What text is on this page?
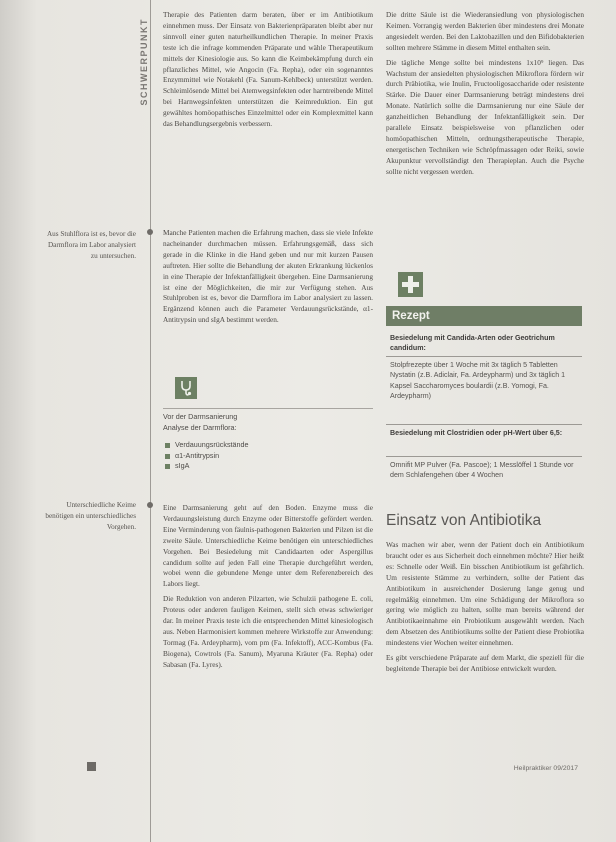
SCHWERPUNKT
Aus Stuhlflora ist es, bevor die Darmflora im Labor analysiert zu untersuchen.
Unterschiedliche Keime benötigen ein unterschiedliches Vorgehen.

Therapie des Patienten darm beraten, über er im Antibiotikum einnehmen muss. Der Einsatz von Bakterienpräparaten bleibt aber nur sinnvoll einer guten naturheilkundlichen Therapie. In meiner Praxis teste ich die infrage kommenden Präparate und wähle Therapeutikum mittels der Kinesiologie aus. So kann die Keimbekämpfung durch ein pflanzliches Mittel, wie Angocin (Fa. Repha), oder ein sogenanntes Enzymmittel wie Notakehl (Fa. Sanum-Kehlbeck) unterstützt werden. Schleimlösende Mittel bei Atemwegsinfekten oder harntreibende Mittel bei Harnwegsinfekten unterstützen die Keimreduktion. Ein gut gewähltes homöopathisches Einzelmittel oder ein Komplexmittel kann das Behandlungsergebnis verbessern.

Manche Patienten machen die Erfahrung machen, dass sie viele Infekte nacheinander durchmachen müssen. Erfahrungsgemäß, dass sich gerade in die Klinke in die Hand geben und nur mit kurzen Pausen auftreten. Hier sollte die Behandlung der akuten Erkrankung lückenlos in eine Therapie der Infektanfälligkeit übergehen. Eine Darmsanierung ist eine der Möglichkeiten, die mir zur Verfügung stehen. Aus Stuhlproben ist es, bevor die Darmflora im Labor analysiert zu lassen. Ergänzend können auch die Parameter Verdauungsrückstände, α1-Antitrypsin und sIgA bestimmt werden.

Vor der Darmsanierung
Analyse der Darmflora:
Verdauungsrückstände
α1-Antitrypsin
sIgA

Eine Darmsanierung geht auf den Boden. Enzyme muss die Verdauungsleistung durch Enzyme oder Bitterstoffe gefördert werden. Eine Verminderung von fäulnis-pathogenen Bakterien und Pilzen ist die zweite Säule. Unterschiedliche Keime benötigen ein unterschiedliches Vorgehen. Bei Besiedelung mit Candidaarten oder Aspergillus candidum sollte auf jeden Fall eine Therapie durchgeführt werden, wobei wenn die gebundene Menge unter dem Referenzbereich des Labors liegt.

Die Reduktion von anderen Pilzarten, wie Schulzii pathogene E. coli, Proteus oder anderen fauligen Keimen, stellt sich etwas schwieriger dar. In meiner Praxis teste ich die entsprechenden Mittel kinesiologisch aus. Neben Harmonisiert kommen mehrere Wirkstoffe zur Anwendung: Tormag (Fa. Ardeypharm), vom pm (Fa. Infektoff), ACC-Kombus (Fa. Biogena), Cowtrols (Fa. Sanum), Myaruna Kräuter (Fa. Repha) oder Sabasan (Fa. Lyres).

Die dritte Säule ist die Wiederansiedlung von physiologischen Keimen. Vorrangig werden Bakterien über mindestens drei Monate angesiedelt werden. Bei den Laktobazillen und den Bifidobakterien sollten mehrere Stämme in diesem Mittel enthalten sein.

Die tägliche Menge sollte bei mindestens 1x10⁹ liegen. Das Wachstum der ansiedelten physiologischen Mikroflora fördern wir durch Präbiotika, wie Inulin, Fructooligosaccharide oder resistente Stärke. Die Dauer einer Darmsanierung beträgt mindestens drei Monate. Natürlich sollte die Darmsanierung nur eine Säule der ganzheitlichen Behandlung der Infektanfälligkeit sein. Der parallele Einsatz beispielsweise von pflanzlichen oder homöopathischen Mitteln, ordnungstherapeutische Therapie, energetischen Techniken wie Schröpfmassagen oder Reiki, sowie Akupunktur vervollständigt den Therapieplan. Auch die Psyche sollte nicht vergessen werden.

Rezept
Besiedelung mit Candida-Arten oder Geotrichum candidum:
Stolpfrezepte über 1 Woche mit 3x täglich 5 Tabletten Nystatin (z.B. Adiclair, Fa. Ardeypharm) und 3x täglich 1 Kapsel Saccharomyces boulardii (z.B. Yomogi, Fa. Ardeypharm)
Besiedelung mit Clostridien oder pH-Wert über 6,5:
Omnifit MP Pulver (Fa. Pascoe); 1 Messlöffel 1 Stunde vor dem Schlafengehen über 4 Wochen
Einsatz von Antibiotika

Was machen wir aber, wenn der Patient doch ein Antibiotikum braucht oder es aus Sicherheit doch einnehmen möchte? Hier heißt es: Schnelle oder Weiß. Ein bisschen Antibiotikum ist gefährlich. Um resistente Stämme zu verhindern, sollte der Patient das Antibiotikum in ausreichender Dosierung lange genug und regelmäßig einnehmen. Um eine Schädigung der Mikroflora so gering wie möglich zu halten, sollte man bereits während der Antibiotikaeinnahme ein Probiotikum ausgewählt werden. Nach dem Absetzen des Antibiotikums sollte der Patient diese Probiotika mindestens vier Wochen weiter einnehmen.

Es gibt verschiedene Präparate auf dem Markt, die speziell für die begleitende Therapie bei der Antibiose entwickelt wurden.

Heilpraktiker 09/2017
